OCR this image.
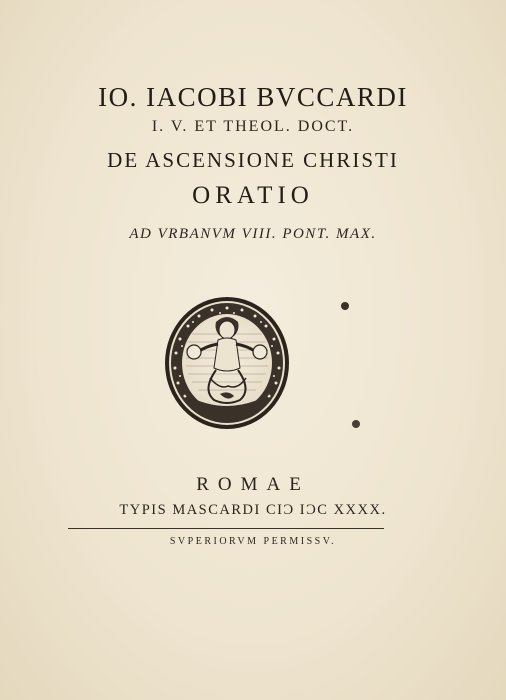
IO. IACOBI BVCCARDI
I. V. ET THEOL. DOCT.
DE ASCENSIONE CHRISTI
ORATIO
AD VRBANVM VIII. PONT. MAX.
ROMAE
TYPIS MASCARDI CIϽ IϽC XXXX.
SVPERIORVM PERMISSV.
